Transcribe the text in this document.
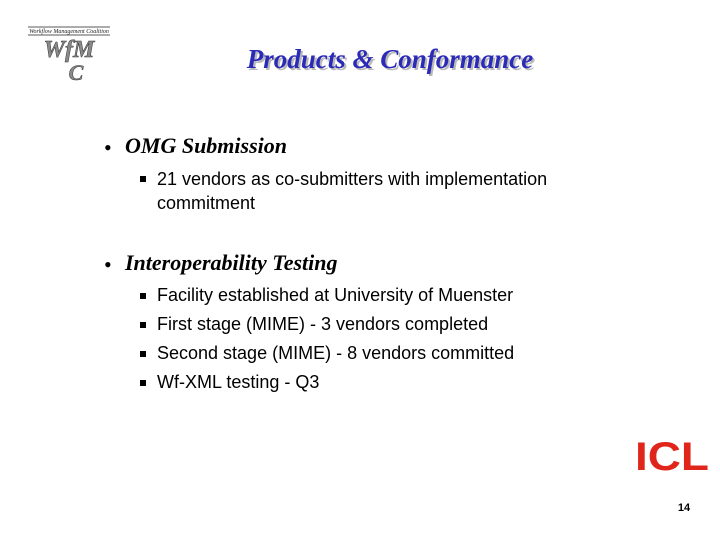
Workflow Management Coalition
WfM
C	Products & Conformance
• OMG Submission
21 vendors as co-submitters with implementation commitment
• Interoperability Testing
Facility established at University of Muenster
First stage (MIME) - 3 vendors completed
Second stage (MIME) - 8 vendors committed
Wf-XML testing - Q3
ICL
14
